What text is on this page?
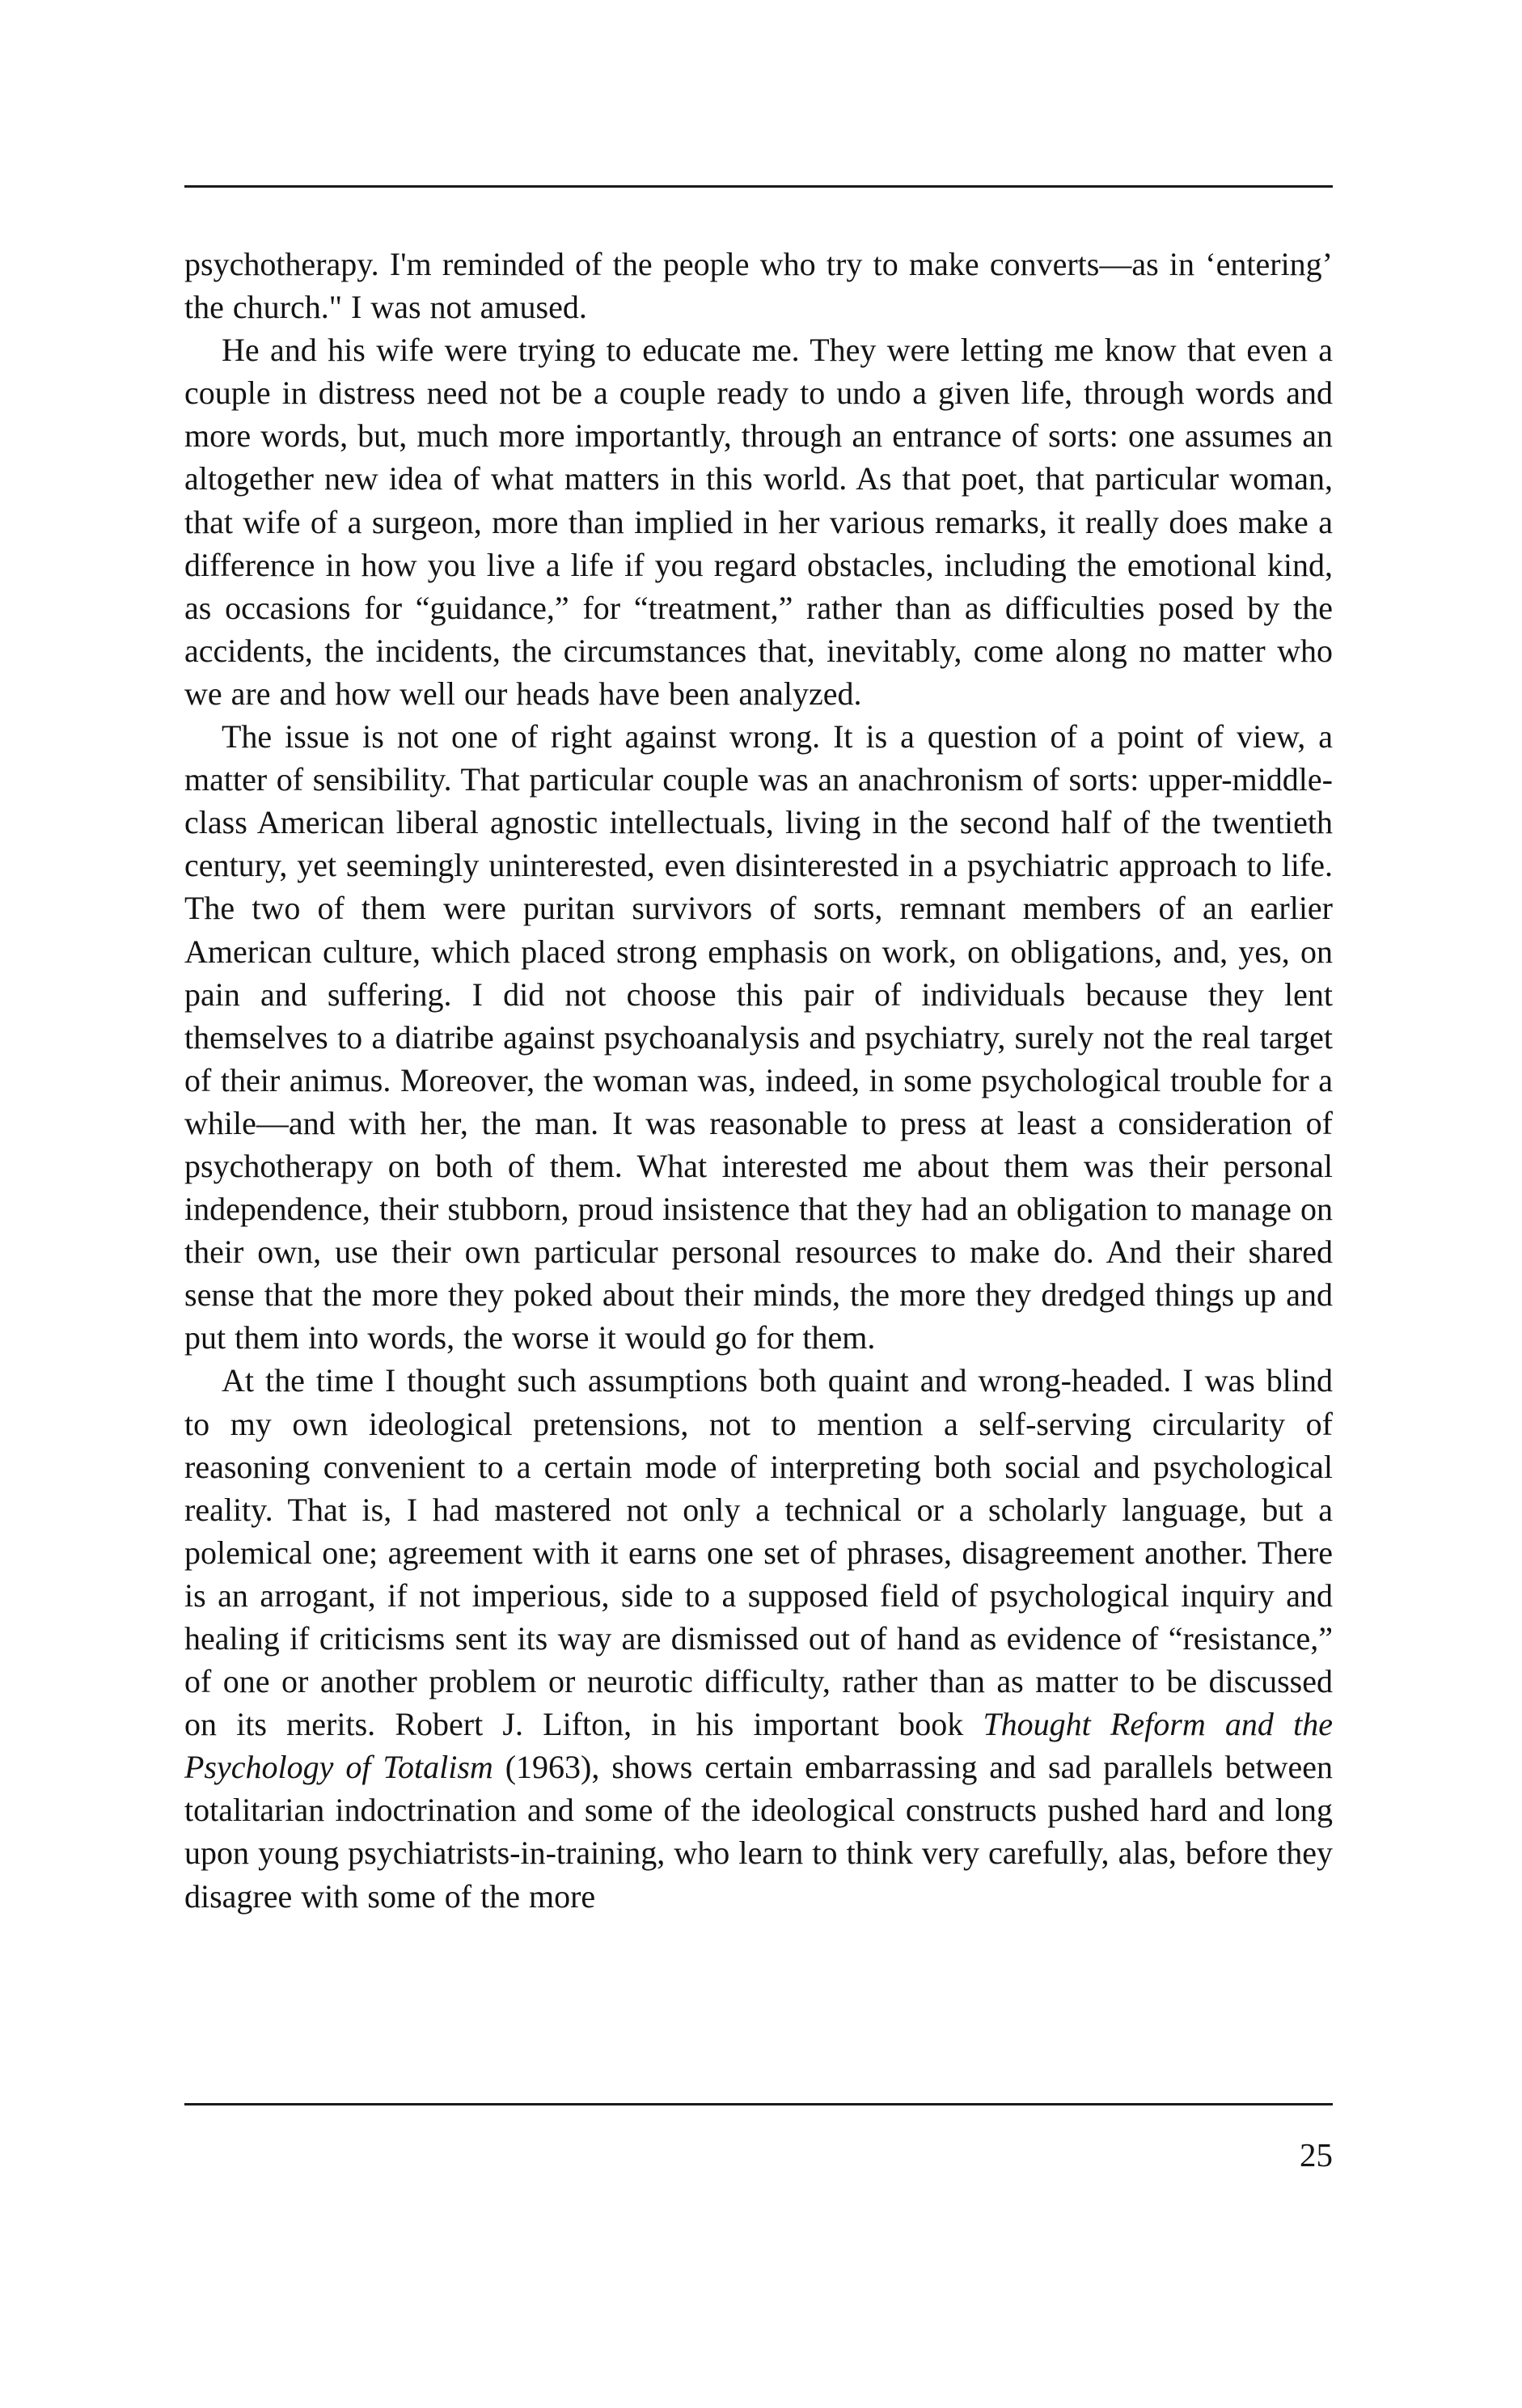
psychotherapy. I'm reminded of the people who try to make converts—as in ‘entering’ the church." I was not amused.

He and his wife were trying to educate me. They were letting me know that even a couple in distress need not be a couple ready to undo a given life, through words and more words, but, much more importantly, through an entrance of sorts: one assumes an altogether new idea of what matters in this world. As that poet, that particular woman, that wife of a surgeon, more than implied in her various remarks, it really does make a difference in how you live a life if you regard obstacles, including the emotional kind, as occasions for “guidance,” for “treatment,” rather than as difficulties posed by the accidents, the incidents, the circumstances that, inevitably, come along no matter who we are and how well our heads have been analyzed.

The issue is not one of right against wrong. It is a question of a point of view, a matter of sensibility. That particular couple was an anachronism of sorts: upper-middle-class American liberal agnostic intellectuals, living in the second half of the twentieth century, yet seemingly uninterested, even disinterested in a psychiatric approach to life. The two of them were puritan survivors of sorts, remnant members of an earlier American culture, which placed strong emphasis on work, on obligations, and, yes, on pain and suffering. I did not choose this pair of individuals because they lent themselves to a diatribe against psychoanalysis and psychiatry, surely not the real target of their animus. Moreover, the woman was, indeed, in some psychological trouble for a while—and with her, the man. It was reasonable to press at least a consideration of psychotherapy on both of them. What interested me about them was their personal independence, their stubborn, proud insistence that they had an obligation to manage on their own, use their own particular personal resources to make do. And their shared sense that the more they poked about their minds, the more they dredged things up and put them into words, the worse it would go for them.

At the time I thought such assumptions both quaint and wrong-headed. I was blind to my own ideological pretensions, not to mention a self-serving circularity of reasoning convenient to a certain mode of interpreting both social and psychological reality. That is, I had mastered not only a technical or a scholarly language, but a polemical one; agreement with it earns one set of phrases, disagreement another. There is an arrogant, if not imperious, side to a supposed field of psychological inquiry and healing if criticisms sent its way are dismissed out of hand as evidence of “resistance,” of one or another problem or neurotic difficulty, rather than as matter to be discussed on its merits. Robert J. Lifton, in his important book Thought Reform and the Psychology of Totalism (1963), shows certain embarrassing and sad parallels between totalitarian indoctrination and some of the ideological constructs pushed hard and long upon young psychiatrists-in-training, who learn to think very carefully, alas, before they disagree with some of the more

25
